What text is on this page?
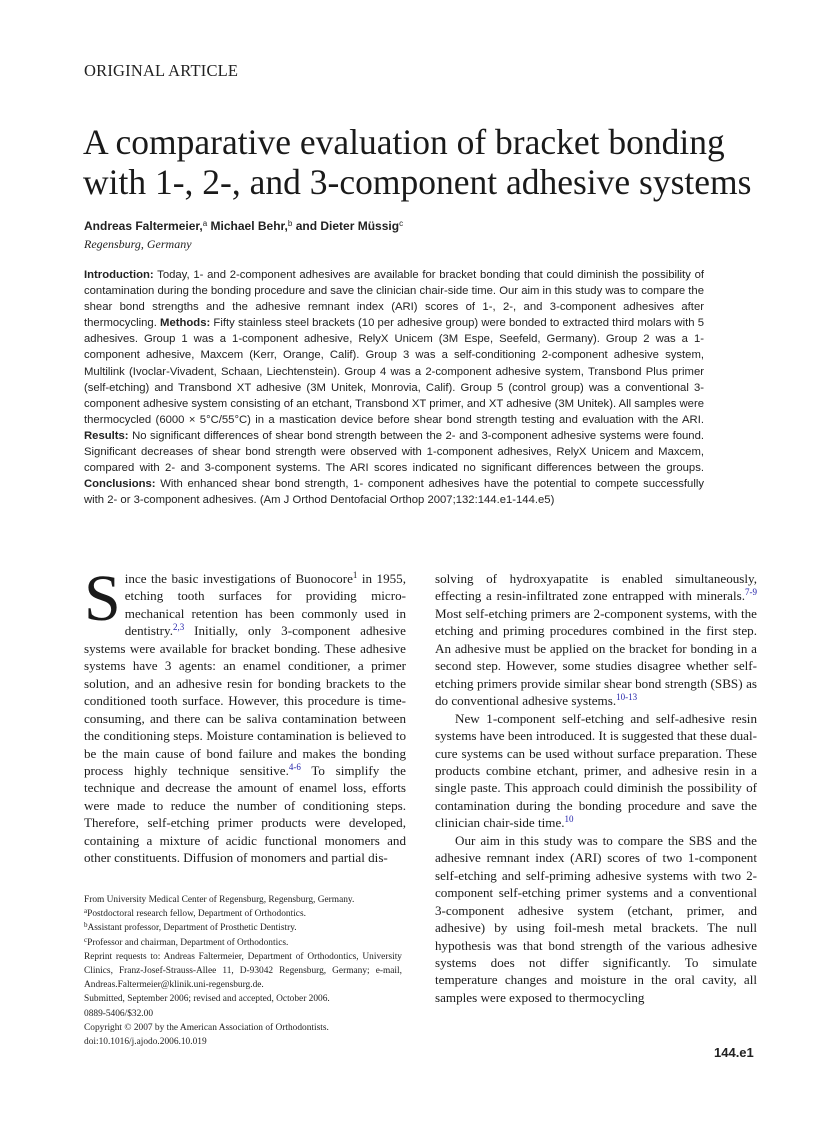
ORIGINAL ARTICLE
A comparative evaluation of bracket bonding with 1-, 2-, and 3-component adhesive systems
Andreas Faltermeier,$^a$ Michael Behr,$^b$ and Dieter Müssig$^c$
Regensburg, Germany

Introduction: Today, 1- and 2-component adhesives are available for bracket bonding that could diminish the possibility of contamination during the bonding procedure and save the clinician chair-side time. Our aim in this study was to compare the shear bond strengths and the adhesive remnant index (ARI) scores of 1-, 2-, and 3-component adhesives after thermocycling. Methods: Fifty stainless steel brackets (10 per adhesive group) were bonded to extracted third molars with 5 adhesives. Group 1 was a 1-component adhesive, RelyX Unicem (3M Espe, Seefeld, Germany). Group 2 was a 1-component adhesive, Maxcem (Kerr, Orange, Calif). Group 3 was a self-conditioning 2-component adhesive system, Multilink (Ivoclar-Vivadent, Schaan, Liechtenstein). Group 4 was a 2-component adhesive system, Transbond Plus primer (self-etching) and Transbond XT adhesive (3M Unitek, Monrovia, Calif). Group 5 (control group) was a conventional 3-component adhesive system consisting of an etchant, Transbond XT primer, and XT adhesive (3M Unitek). All samples were thermocycled (6000 × 5°C/55°C) in a mastication device before shear bond strength testing and evaluation with the ARI. Results: No significant differences of shear bond strength between the 2- and 3-component adhesive systems were found. Significant decreases of shear bond strength were observed with 1-component adhesives, RelyX Unicem and Maxcem, compared with 2- and 3-component systems. The ARI scores indicated no significant differences between the groups. Conclusions: With enhanced shear bond strength, 1- component adhesives have the potential to compete successfully with 2- or 3-component adhesives. (Am J Orthod Dentofacial Orthop 2007;132:144.e1-144.e5)

Since the basic investigations of Buonocore$^1$ in 1955, etching tooth surfaces for providing micro-mechanical retention has been commonly used in dentistry.$^{2,3}$ Initially, only 3-component adhesive systems were available for bracket bonding. These adhesive systems have 3 agents: an enamel conditioner, a primer solution, and an adhesive resin for bonding brackets to the conditioned tooth surface. However, this procedure is time-consuming, and there can be saliva contamination between the conditioning steps. Moisture contamination is believed to be the main cause of bond failure and makes the bonding process highly technique sensitive.$^{4-6}$ To simplify the technique and decrease the amount of enamel loss, efforts were made to reduce the number of conditioning steps. Therefore, self-etching primer products were developed, containing a mixture of acidic functional monomers and other constituents. Diffusion of monomers and partial dis-

solving of hydroxyapatite is enabled simultaneously, effecting a resin-infiltrated zone entrapped with minerals.$^{7-9}$ Most self-etching primers are 2-component systems, with the etching and priming procedures combined in the first step. An adhesive must be applied on the bracket for bonding in a second step. However, some studies disagree whether self-etching primers provide similar shear bond strength (SBS) as do conventional adhesive systems.$^{10-13}$

New 1-component self-etching and self-adhesive resin systems have been introduced. It is suggested that these dual-cure systems can be used without surface preparation. These products combine etchant, primer, and adhesive resin in a single paste. This approach could diminish the possibility of contamination during the bonding procedure and save the clinician chair-side time.$^{10}$

Our aim in this study was to compare the SBS and the adhesive remnant index (ARI) scores of two 1-component self-etching and self-priming adhesive systems with two 2-component self-etching primer systems and a conventional 3-component adhesive system (etchant, primer, and adhesive) by using foil-mesh metal brackets. The null hypothesis was that bond strength of the various adhesive systems does not differ significantly. To simulate temperature changes and moisture in the oral cavity, all samples were exposed to thermocycling

From University Medical Center of Regensburg, Regensburg, Germany.
$^a$Postdoctoral research fellow, Department of Orthodontics.
$^b$Assistant professor, Department of Prosthetic Dentistry.
$^c$Professor and chairman, Department of Orthodontics.
Reprint requests to: Andreas Faltermeier, Department of Orthodontics, University Clinics, Franz-Josef-Strauss-Allee 11, D-93042 Regensburg, Germany; e-mail, Andreas.Faltermeier@klinik.uni-regensburg.de.
Submitted, September 2006; revised and accepted, October 2006.
0889-5406/$32.00
Copyright © 2007 by the American Association of Orthodontists.
doi:10.1016/j.ajodo.2006.10.019
144.e1
